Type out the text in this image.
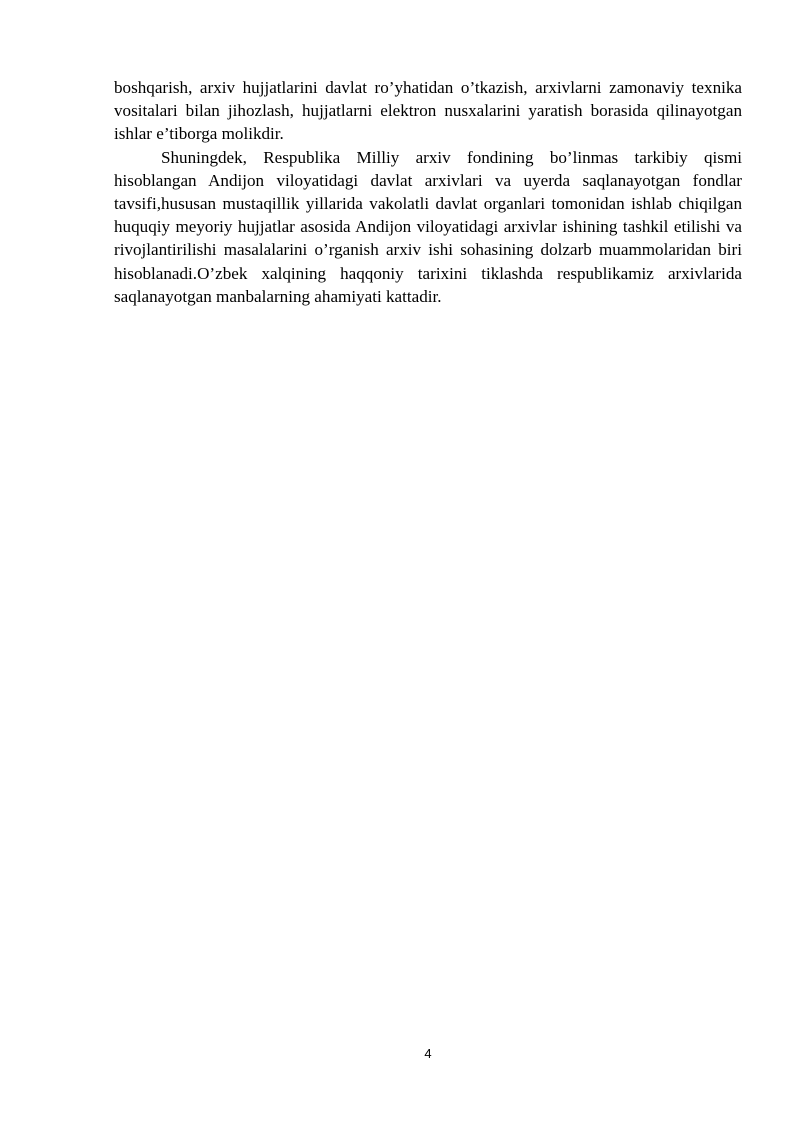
boshqarish, arxiv hujjatlarini davlat ro’yhatidan o’tkazish, arxivlarni zamonaviy texnika vositalari bilan jihozlash, hujjatlarni elektron nusxalarini yaratish borasida qilinayotgan ishlar e’tiborga molikdir.

Shuningdek, Respublika Milliy arxiv fondining bo’linmas tarkibiy qismi hisoblangan Andijon viloyatidagi davlat arxivlari va uyerda saqlanayotgan fondlar tavsifi,hususan mustaqillik yillarida vakolatli davlat organlari tomonidan ishlab chiqilgan huquqiy meyoriy hujjatlar asosida Andijon viloyatidagi arxivlar ishining tashkil etilishi va rivojlantirilishi masalalarini o’rganish arxiv ishi sohasining dolzarb muammolaridan biri hisoblanadi.O’zbek xalqining haqqoniy tarixini tiklashda respublikamiz arxivlarida saqlanayotgan manbalarning ahamiyati kattadir.

4
